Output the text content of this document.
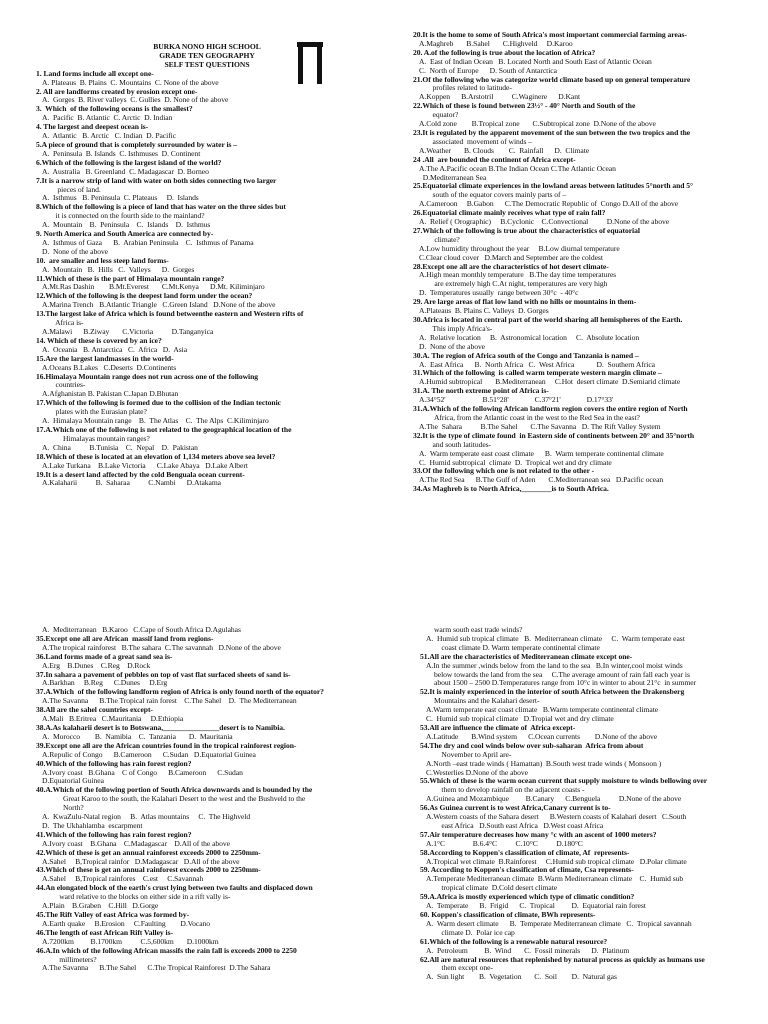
BURKA NONO HIGH SCHOOL
GRADE TEN GEOGRAPHY
SELF TEST QUESTIONS
1. Land forms include all except one-
A. Plateaus  B. Plains  C. Mountains  C. None of the above
2. All are landforms created by erosion except one-
A.  Gorges  B. River valleys  C. Gullies  D. None of the above
3.  Which  of the following oceans is the smallest?
A.  Pacific  B. Atlantic  C. Arctic  D. Indian
4. The largest and deepest ocean is-
A.  Atlantic   B. Arctic   C. Indian  D. Pacific
5.A piece of ground that is completely surrounded by water is –
A.  Peninsula  B. Islands  C. Isthmuses  D. Continent
6.Which of the following is the largest island of the world?
A.  Australia   B. Greenland  C. Madagascar  D. Borneo
7.It is a narrow strip of land with water on both sides connecting two larger
pieces of land.
A.  Isthmus   B. Peninsula  C. Plateaus     D.  Islands
8.Which of the following is a piece of land that has water on the three sides but
it is connected on the fourth side to the mainland?
A.  Mountain    B.  Peninsula    C.  Islands    D.  Isthmus
9. North America and South America are connected by-
A.  Isthmus of Gaza      B.  Arabian Peninsula    C.  Isthmus of Panama
D.  None of the above
10.  are smaller and less steep land forms-
A.  Mountain   B.  Hills   C.  Valleys      D.  Gorges
11.Which of these is the part of Himalaya mountain range?
A.Mt.Ras Dashin        B.Mt.Everest       C.Mt.Kenya      D.Mt. Kiliminjaro
12.Which of the following is the deepest land form under the ocean?
A.Marina Trench   B.Atlantic Triangle   C.Green Island   D.None of the above
13.The largest lake of Africa which is found betweenthe eastern and Western rifts of
Africa is-
A.Malawi      B.Ziway       C.Victoria          D.Tanganyica
14. Which of these is covered by an ice?
A.  Oceania   B. Antarctica   C.  Africa   D.  Asia
15.Are the largest landmasses in the world-
A.Oceans B.Lakes   C.Deserts  D.Continents
16.Himalaya Mountain range does not run across one of the following
countries-
A.Afghanistan B. Pakistan C.Japan D.Bhutan
17.Which of the following is formed due to the collision of the Indian tectonic
plates with the Eurasian plate?
A.  Himalaya Mountain range    B.  The Atlas    C.  The Alps  C.Kiliminjaro
17.A.Which one of the following is not related to the geographical location of the
Himalayas mountain ranges?
A.  China          B.Tunisia    C.  Nepal    D.  Pakistan
18.Which of these is located at an elevation of 1,134 meters above sea level?
A.Lake Turkana    B.Lake Victoria      C.Lake Abaya   D.Lake Albert
19.It is a desert land affected by the cold Benguala ocean current-
A.Kalaharii          B.  Saharaa          C.Nambi      D.Atakama
20.It is the home to some of South Africa's most important commercial farming areas-
A.Maghreb       B.Sahel       C.Highveld     D.Karoo
20. A.of the following is true about the location of Africa?
A.  East of Indian Ocean   B. Located North and South East of Atlantic Ocean
C.  North of Europe      D. South of Antarctica
21.Of the following who was categorize world climate based up on general temperature
profiles related to latitude-
A.Koppen      B.Arstotril          C.Waginere      D.Kant
22.Which of these is found between 23½° - 40° North and South of the
equator?
A.Cold zone        B.Tropical zone       C.Subtropical zone  D.None of the above
23.It is regulated by the apparent movement of the sun between the two tropics and the
associated  movement of winds –
A.Weather       B. Clouds        C.  Rainfall      D.  Climate
24 .All  are bounded the continent of Africa except-
A.The A.Pacific ocean B.The Indian Ocean C.The Atlantic Ocean
D.Mediterranean Sea
25.Equatorial climate experiences in the lowland areas between latitudes 5°north and 5°
south of the equator covers mainly parts of –
A.Cameroon     B.Gabon      C.The Democratic Republic of  Congo D.All of the above
26.Equatorial climate mainly receives what type of rain fall?
A.  Relief ( Orographic)     B.Cyclonic    C.Convectional          D.None of the above
27.Which of the following is true about the characteristics of equatorial
climate?
A.Low humidity throughout the year     B.Low diurnal temperature
C.Clear cloud cover   D.March and September are the coldest
28.Except one all are the characteristics of hot desert climate-
A.High mean monthly temperature   B.The day time temperatures
are extremely high C.At night, temperatures are very high
D.  Temperatures usually  range between 30°c  - 40°c
29. Are large areas of flat low land with no hills or mountains in them-
A.Plateaus  B. Plains C. Valleys  D. Gorges
30.Africa is located in central part of the world sharing all hemispheres of the Earth.
This imply Africa's-
A.  Relative location     B.  Astronomical location     C.  Absolute location
D.  None of the above
30.A. The region of Africa south of the Congo and Tanzania is named –
A.  East Africa      B.  North Africa   C.  West Africa            D.  Southern Africa
31.Which of the following  is called warm temperate western margin climate –
A.Humid subtropical       B.Mediterranean     C.Hot  desert climate  D.Semiarid climate
31.A. The north extreme point of Africa is-
A.34°52'                    B.51°28'              C.37°21'              D.17°33'
31.A.Which of the following African landform region covers the entire region of North
Africa, from the Atlantic coast in the west to the Red Sea in the east?
A.The  Sahara          B.The Sahel       C.The Savanna   D. The Rift Valley System
32.It is the type of climate found  in Eastern side of continents between 20° and 35°north
and south latitudes-
A.  Warm temperate east coast climate      B.  Warm temperate continental climate
C.  Humid subtropical  climate  D.  Tropical wet and dry climate
33.Of the following which one is not related to the other -
A.The Red Sea      B.The Gulf of Aden       C.Mediterranean sea   D.Pacific ocean
34.As Maghreb is to North Africa,________is to South Africa.
A.  Mediterranean   B.Karoo   C.Cape of South Africa D.Agulahas
35.Except one all are African  massif land from regions-
A.The tropical rainforest   B.The sahara  C.The savannah   D.None of the above
36.Land forms made of a great sand sea is-
A.Erg    B.Dunes    C.Reg    D.Rock
37.In sahara a pavement of pebbles on top of vast flat surfaced sheets of sand is-
A.Barkhan     B.Reg      C.Dunes     D.Erg
37.A.Which  of the following landform region of Africa is only found north of the equator?
A.The Savanna      B.The Tropical rain forest    C.The Sahel    D.  The Mediterranean
38.All are the sahel countries except-
A.Mali   B.Eritrea   C.Mauritania     D.Ethiopia
38.A.As kalaharii desert is to Botswana,_______________desert is to Namibia.
A.  Morocco        B.  Namibia    C.  Tanzania       D.  Mauritania
39.Except one all are the African countries found in the tropical rainforest region-
A.Repulic of Congo      B.Cameroon      C.Sudan   D.Equatorial Guinea
40.Which of the following has rain forest region?
A.Ivory coast   B.Ghana    C of Congo      B.Cameroon      C.Sudan
D.Equatorial Guinea
40.A.Which of the following portion of South Africa downwards and is bounded by the
Great Karoo to the south, the Kalahari Desert to the west and the Bushveld to the
North?
A.  KwaZulu-Natal region     B.  Atlas mountains     C.  The Highveld
D.  The Ukhahlamba  escarpment
41.Which of the following has rain forest region?
A.Ivory coast    B.Ghana    C.Madagascar    D.All of the above
42.Which of these is get an annual rainforest exceeds 2000 to 2250mm-
A.Sahel     B,Tropical rainfor   D.Madagascar   D.All of the above
43.Which of these is get an annual rainforest exceeds 2000 to 2250mm-
A.Sahel     B,Tropical rainfores    C.est     C.Savannah
44.An elongated block of the earth's crust lying between two faults and displaced down
ward relative to the blocks on either side in a rift vally is-
A.Plain    B.Graben    C.Hill   D.Gorge
45.The Rift Valley of east Africa was formed by-
A.Earth quake     B.Erosion     C.Faulting        D.Vocano
46.The length of east African Rift Valley is-
A.7200km         B.1700km          C.5,600km       D.1000km
46.A.In which of the following African massifs the rain fall is exceeds 2000 to 2250
millimeters?
A.The Savanna      B.The Sahel      C.The Tropical Rainforest  D.The Sahara
warm south east trade winds?
A.  Humid sub tropical climate   B.  Mediterranean climate     C.  Warm temperate east
coast climate D. Warm temperate continental climate
51.All are the characteristics of Mediterranean climate except one-
A.In the summer ,winds below from the land to the sea   B.In winter,cool moist winds
below towards the land from the sea     C.The average amount of rain fall each year is
about 1500 – 2500 D.Temperatures range from 10°c in winter to about 21°c  in summer
52.It is mainly experienced in the interior of south Africa between the Drakensberg
Mountains and the Kalahari desert-
A.Warm temperate east coast climate   B.Warm temperate continental climate
C.  Humid sub tropical climate   D.Tropial wet and dry climate
53.All are influence the climate of  Africa except-
A.Latitude       B.Wind system      C.Ocean currents        D.None of the above
54.The dry and cool winds below over sub-saharan  Africa from about
November to April are-
A.North –east trade winds ( Hamattan)  B.South west trade winds ( Monsoon )
C.Westerlies D.None of the above
55.Which of these is the warm ocean current that supply moisture to winds bellowing over
them to develop rainfall on the adjacent coasts -
A.Guinea and Mozambique         B.Canary      C.Benguela          D.None of the above
56.As Guinea current is to west Africa,Canary current is to-
A.Western coasts of the Sahara desert      B.Western coasts of Kalahari desert   C.South
east Africa   D.South east Africa   D.West coast Africa
57.Air temperature decreases how many °c with an ascent of 1000 meters?
A.1°C               B.6.4°C          C.10°C          D.180°C
58.According to Koppen's classification of climate, Af  represents-
A.Tropical wet climate  B.Rainforest     C.Humid sub tropical climate   D.Polar climate
59. According to Koppen's classification of climate, Csa represents-
A.Temperate Mediterranean climate  B.Warm Mediterranean climate    C.  Humid sub
tropical climate  D.Cold desert climate
59.A.Africa is mostly experienced which type of climatic condition?
A.  Temperate      B.  Frigid      C.  Tropical         D.  Equatorial rain forest
60. Koppen's classification of climate, BWh represents-
A.  Warm desert climate      B.  Temperate Mediterranean climate   C.  Tropical savannah
climate D.  Polar ice cap
61.Which of the following is a renewable natural resource?
A.  Petroleum         B.  Wind       C.  Fossil minerals      D.  Platinum
62.All are natural resources that replenished by natural process as quickly as humans use
them except one-
A.  Sun light        B.  Vegetation       C.  Soil        D.  Natural gas
